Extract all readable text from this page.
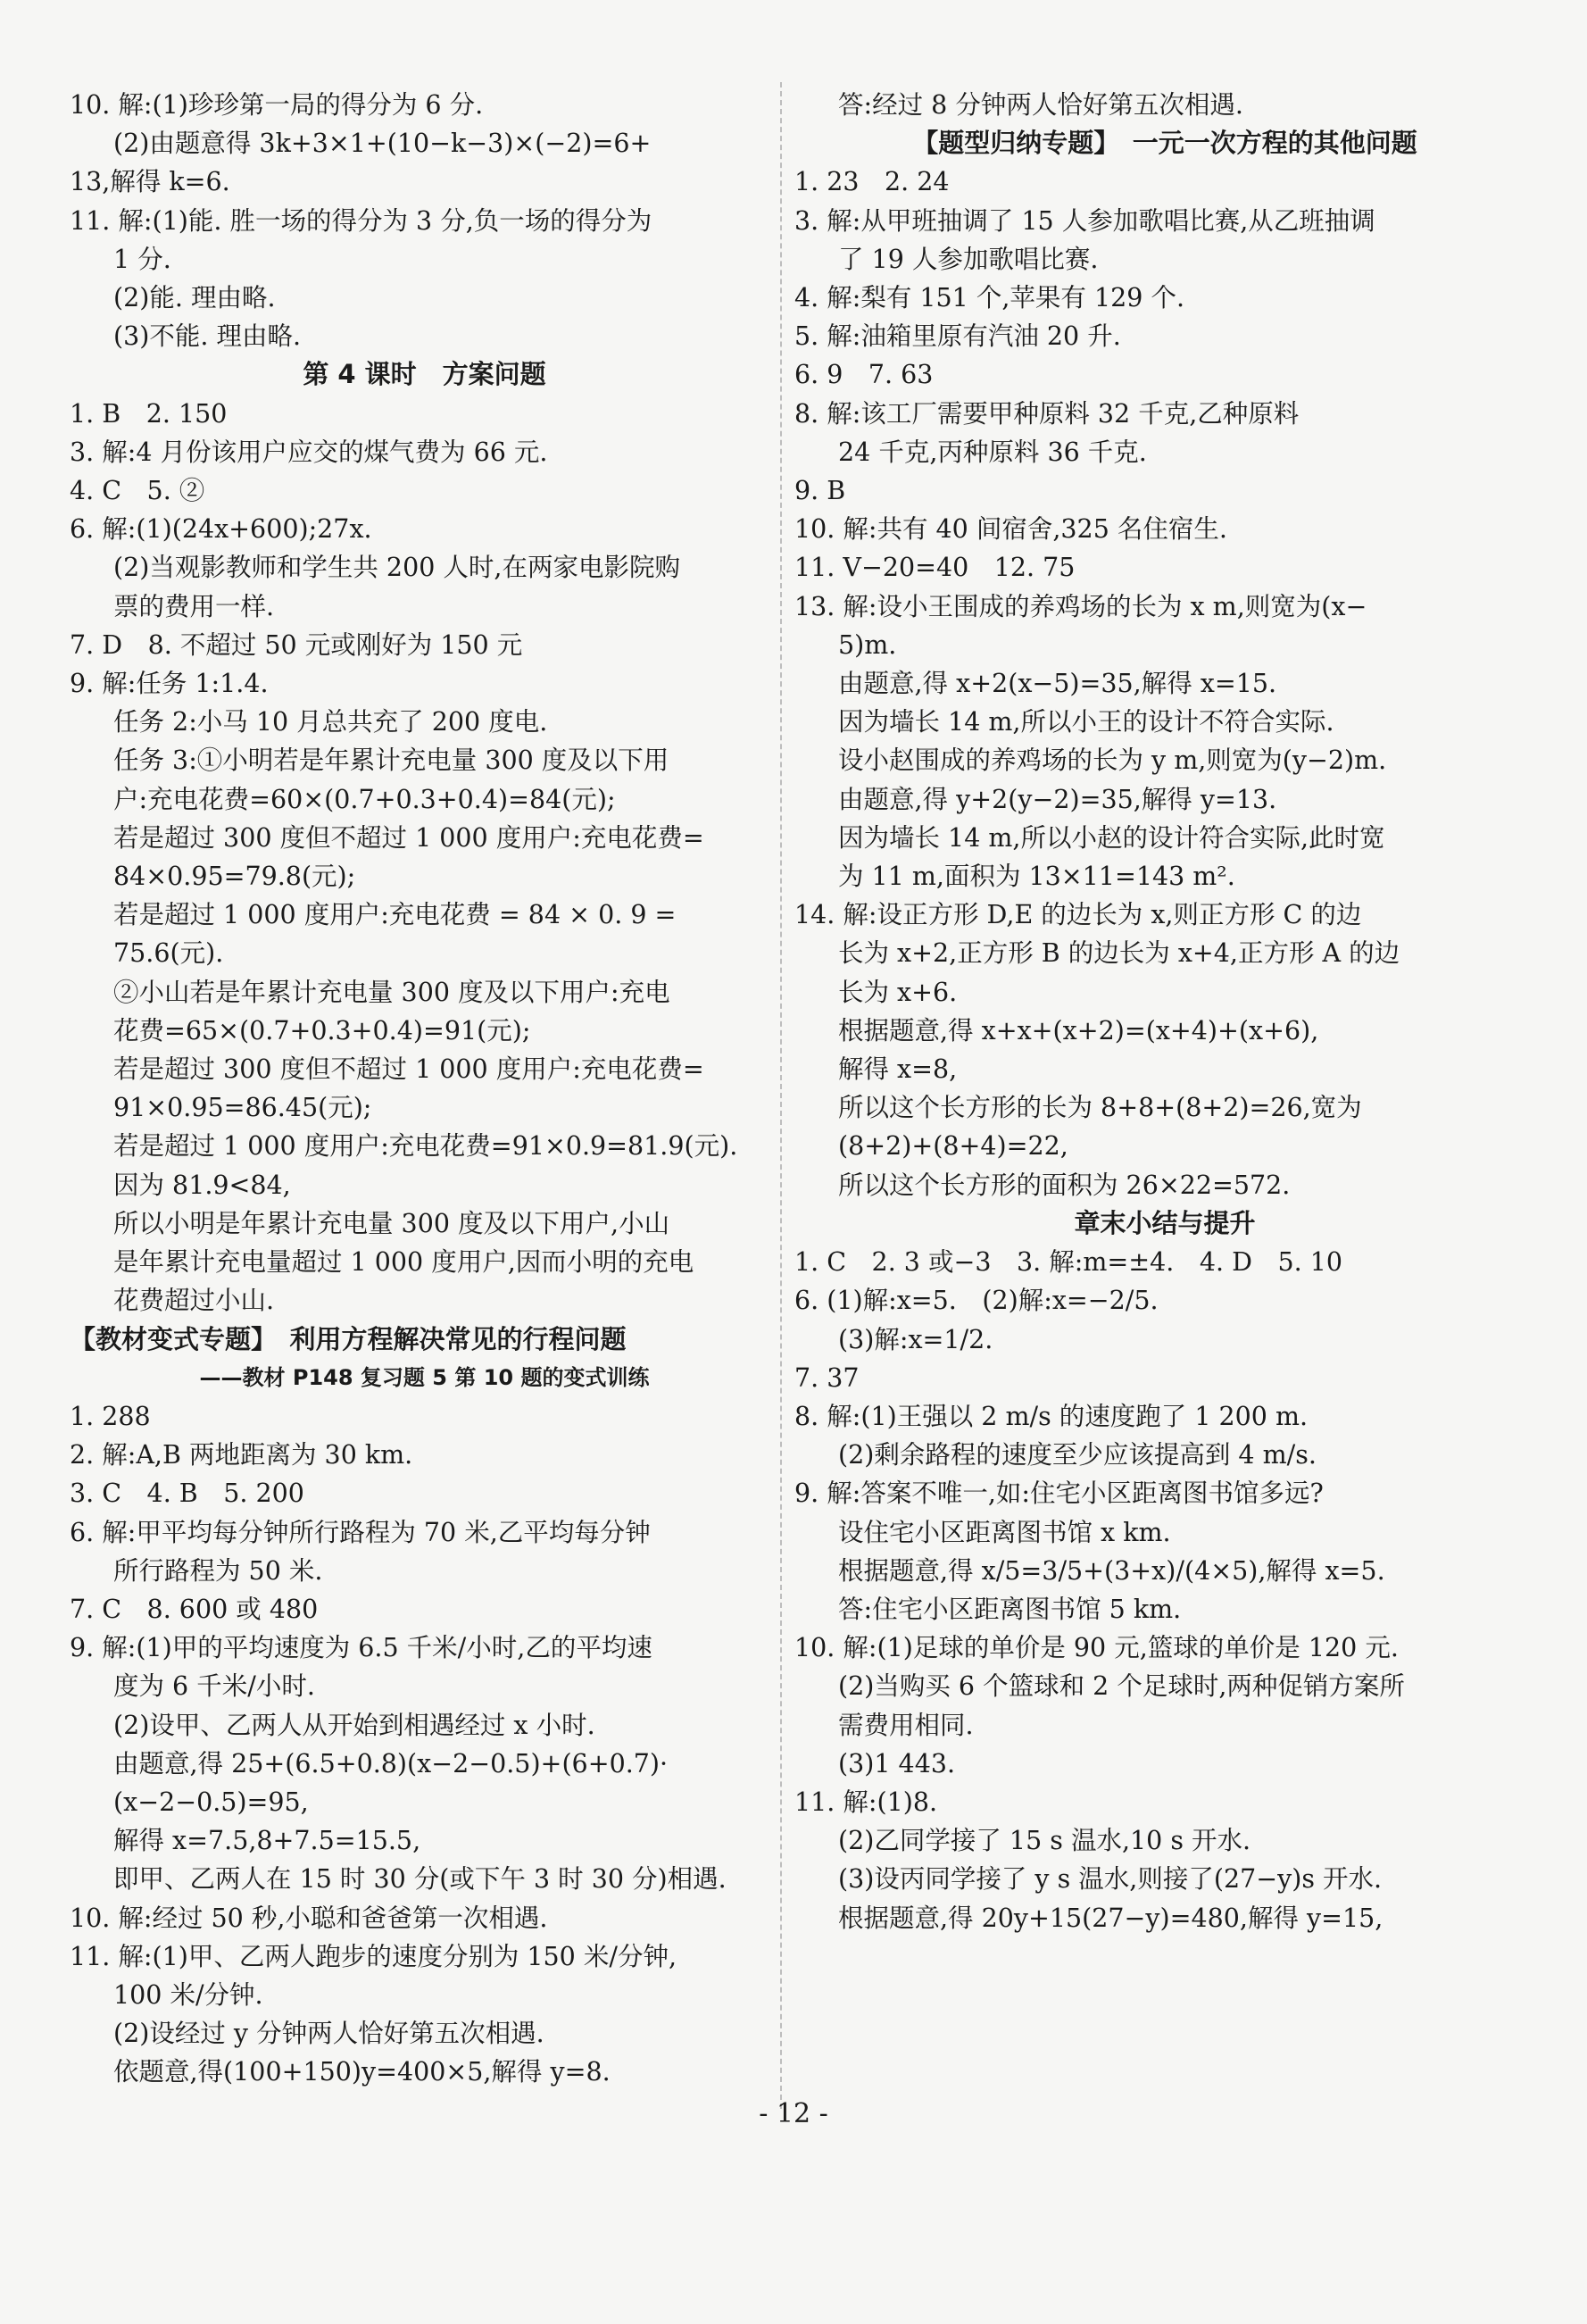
10. 解:(1)珍珍第一局的得分为 6 分.
(2)由题意得 3k+3×1+(10−k−3)×(−2)=6+
13,解得 k=6.
11. 解:(1)能. 胜一场的得分为 3 分,负一场的得分为
1 分.
(2)能. 理由略.
(3)不能. 理由略.
第 4 课时　方案问题
1. B　2. 150
3. 解:4 月份该用户应交的煤气费为 66 元.
4. C　5. ②
6. 解:(1)(24x+600);27x.
(2)当观影教师和学生共 200 人时,在两家电影院购
票的费用一样.
7. D　8. 不超过 50 元或刚好为 150 元
9. 解:任务 1:1.4.
任务 2:小马 10 月总共充了 200 度电.
任务 3:①小明若是年累计充电量 300 度及以下用
户:充电花费=60×(0.7+0.3+0.4)=84(元);
若是超过 300 度但不超过 1 000 度用户:充电花费=
84×0.95=79.8(元);
若是超过 1 000 度用户:充电花费 = 84 × 0. 9 =
75.6(元).
②小山若是年累计充电量 300 度及以下用户:充电
花费=65×(0.7+0.3+0.4)=91(元);
若是超过 300 度但不超过 1 000 度用户:充电花费=
91×0.95=86.45(元);
若是超过 1 000 度用户:充电花费=91×0.9=81.9(元).
因为 81.9<84,
所以小明是年累计充电量 300 度及以下用户,小山
是年累计充电量超过 1 000 度用户,因而小明的充电
花费超过小山.
【教材变式专题】　利用方程解决常见的行程问题
——教材 P148 复习题 5 第 10 题的变式训练
1. 288
2. 解:A,B 两地距离为 30 km.
3. C　4. B　5. 200
6. 解:甲平均每分钟所行路程为 70 米,乙平均每分钟
所行路程为 50 米.
7. C　8. 600 或 480
9. 解:(1)甲的平均速度为 6.5 千米/小时,乙的平均速
度为 6 千米/小时.
(2)设甲、乙两人从开始到相遇经过 x 小时.
由题意,得 25+(6.5+0.8)(x−2−0.5)+(6+0.7)·
(x−2−0.5)=95,
解得 x=7.5,8+7.5=15.5,
即甲、乙两人在 15 时 30 分(或下午 3 时 30 分)相遇.
10. 解:经过 50 秒,小聪和爸爸第一次相遇.
11. 解:(1)甲、乙两人跑步的速度分别为 150 米/分钟,
100 米/分钟.
(2)设经过 y 分钟两人恰好第五次相遇.
依题意,得(100+150)y=400×5,解得 y=8.
答:经过 8 分钟两人恰好第五次相遇.
【题型归纳专题】　一元一次方程的其他问题
1. 23　2. 24
3. 解:从甲班抽调了 15 人参加歌唱比赛,从乙班抽调
了 19 人参加歌唱比赛.
4. 解:梨有 151 个,苹果有 129 个.
5. 解:油箱里原有汽油 20 升.
6. 9　7. 63
8. 解:该工厂需要甲种原料 32 千克,乙种原料
24 千克,丙种原料 36 千克.
9. B
10. 解:共有 40 间宿舍,325 名住宿生.
11. V−20=40　12. 75
13. 解:设小王围成的养鸡场的长为 x m,则宽为(x−
5)m.
由题意,得 x+2(x−5)=35,解得 x=15.
因为墙长 14 m,所以小王的设计不符合实际.
设小赵围成的养鸡场的长为 y m,则宽为(y−2)m.
由题意,得 y+2(y−2)=35,解得 y=13.
因为墙长 14 m,所以小赵的设计符合实际,此时宽
为 11 m,面积为 13×11=143 m².
14. 解:设正方形 D,E 的边长为 x,则正方形 C 的边
长为 x+2,正方形 B 的边长为 x+4,正方形 A 的边
长为 x+6.
根据题意,得 x+x+(x+2)=(x+4)+(x+6),
解得 x=8,
所以这个长方形的长为 8+8+(8+2)=26,宽为
(8+2)+(8+4)=22,
所以这个长方形的面积为 26×22=572.
章末小结与提升
1. C　2. 3 或−3　3. 解:m=±4.　4. D　5. 10
6. (1)解:x=5.　(2)解:x=−2/5.
(3)解:x=1/2.
7. 37
8. 解:(1)王强以 2 m/s 的速度跑了 1 200 m.
(2)剩余路程的速度至少应该提高到 4 m/s.
9. 解:答案不唯一,如:住宅小区距离图书馆多远?
设住宅小区距离图书馆 x km.
根据题意,得 x/5=3/5+(3+x)/(4×5),解得 x=5.
答:住宅小区距离图书馆 5 km.
10. 解:(1)足球的单价是 90 元,篮球的单价是 120 元.
(2)当购买 6 个篮球和 2 个足球时,两种促销方案所
需费用相同.
(3)1 443.
11. 解:(1)8.
(2)乙同学接了 15 s 温水,10 s 开水.
(3)设丙同学接了 y s 温水,则接了(27−y)s 开水.
根据题意,得 20y+15(27−y)=480,解得 y=15,
- 12 -
